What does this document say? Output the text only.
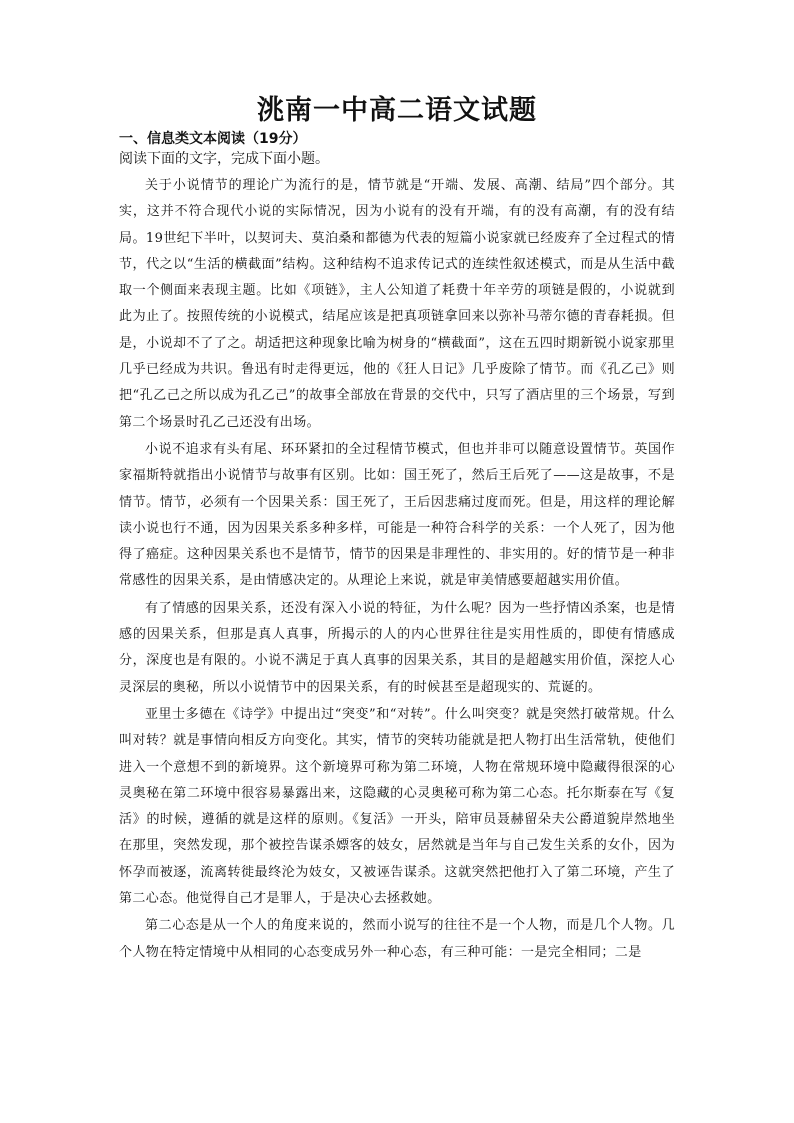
洮南一中高二语文试题
一、信息类文本阅读（19分）
阅读下面的文字，完成下面小题。

关于小说情节的理论广为流行的是，情节就是“开端、发展、高潮、结局”四个部分。其实，这并不符合现代小说的实际情况，因为小说有的没有开端，有的没有高潮，有的没有结局。19世纪下半叶，以契诃夫、莫泊桑和都德为代表的短篇小说家就已经废弃了全过程式的情节，代之以“生活的横截面”结构。这种结构不追求传记式的连续性叙述模式，而是从生活中截取一个侧面来表现主题。比如《项链》，主人公知道了耗费十年辛劳的项链是假的，小说就到此为止了。按照传统的小说模式，结尾应该是把真项链拿回来以弥补马蒂尔德的青春耗损。但是，小说却不了了之。胡适把这种现象比喻为树身的“横截面”，这在五四时期新锐小说家那里几乎已经成为共识。鲁迅有时走得更远，他的《狂人日记》几乎废除了情节。而《孔乙己》则把“孔乙己之所以成为孔乙己”的故事全部放在背景的交代中，只写了酒店里的三个场景，写到第二个场景时孔乙己还没有出场。

小说不追求有头有尾、环环紧扣的全过程情节模式，但也并非可以随意设置情节。英国作家福斯特就指出小说情节与故事有区别。比如：国王死了，然后王后死了——这是故事，不是情节。情节，必须有一个因果关系：国王死了，王后因悲痛过度而死。但是，用这样的理论解读小说也行不通，因为因果关系多种多样，可能是一种符合科学的关系：一个人死了，因为他得了癌症。这种因果关系也不是情节，情节的因果是非理性的、非实用的。好的情节是一种非常感性的因果关系，是由情感决定的。从理论上来说，就是审美情感要超越实用价值。

有了情感的因果关系，还没有深入小说的特征，为什么呢？因为一些抒情凶杀案，也是情感的因果关系，但那是真人真事，所揭示的人的内心世界往往是实用性质的，即使有情感成分，深度也是有限的。小说不满足于真人真事的因果关系，其目的是超越实用价值，深挖人心灵深层的奥秘，所以小说情节中的因果关系，有的时候甚至是超现实的、荒诞的。

亚里士多德在《诗学》中提出过“突变”和“对转”。什么叫突变？就是突然打破常规。什么叫对转？就是事情向相反方向变化。其实，情节的突转功能就是把人物打出生活常轨，使他们进入一个意想不到的新境界。这个新境界可称为第二环境，人物在常规环境中隐藏得很深的心灵奥秘在第二环境中很容易暴露出来，这隐藏的心灵奥秘可称为第二心态。托尔斯泰在写《复活》的时候，遵循的就是这样的原则。《复活》一开头，陪审员聂赫留朵夫公爵道貌岸然地坐在那里，突然发现，那个被控告谋杀嫖客的妓女，居然就是当年与自己发生关系的女仆，因为怀孕而被逐，流离转徙最终沦为妓女，又被诬告谋杀。这就突然把他打入了第二环境，产生了第二心态。他觉得自己才是罪人，于是决心去拯救她。

第二心态是从一个人的角度来说的，然而小说写的往往不是一个人物，而是几个人物。几个人物在特定情境中从相同的心态变成另外一种心态，有三种可能：一是完全相同；二是
